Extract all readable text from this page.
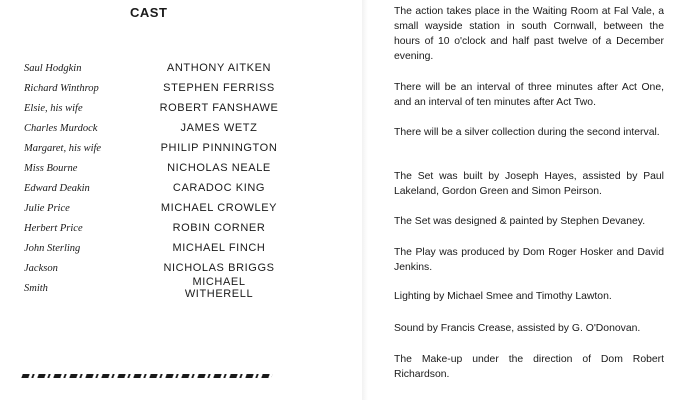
CAST
Saul Hodgkin	ANTHONY AITKEN
Richard Winthrop	STEPHEN FERRISS
Elsie, his wife	ROBERT FANSHAWE
Charles Murdock	JAMES WETZ
Margaret, his wife	PHILIP PINNINGTON
Miss Bourne	NICHOLAS NEALE
Edward Deakin	CARADOC KING
Julie Price	MICHAEL CROWLEY
Herbert Price	ROBIN CORNER
John Sterling	MICHAEL FINCH
Jackson	NICHOLAS BRIGGS
Smith	MICHAEL WITHERELL

The action takes place in the Waiting Room at Fal Vale, a small wayside station in south Cornwall, between the hours of 10 o'clock and half past twelve of a December evening.

There will be an interval of three minutes after Act One, and an interval of ten minutes after Act Two.

There will be a silver collection during the second interval.

The Set was built by Joseph Hayes, assisted by Paul Lakeland, Gordon Green and Simon Peirson.

The Set was designed & painted by Stephen Devaney.

The Play was produced by Dom Roger Hosker and David Jenkins.

Lighting by Michael Smee and Timothy Lawton.

Sound by Francis Crease, assisted by G. O'Donovan.

The Make-up under the direction of Dom Robert Richardson.
